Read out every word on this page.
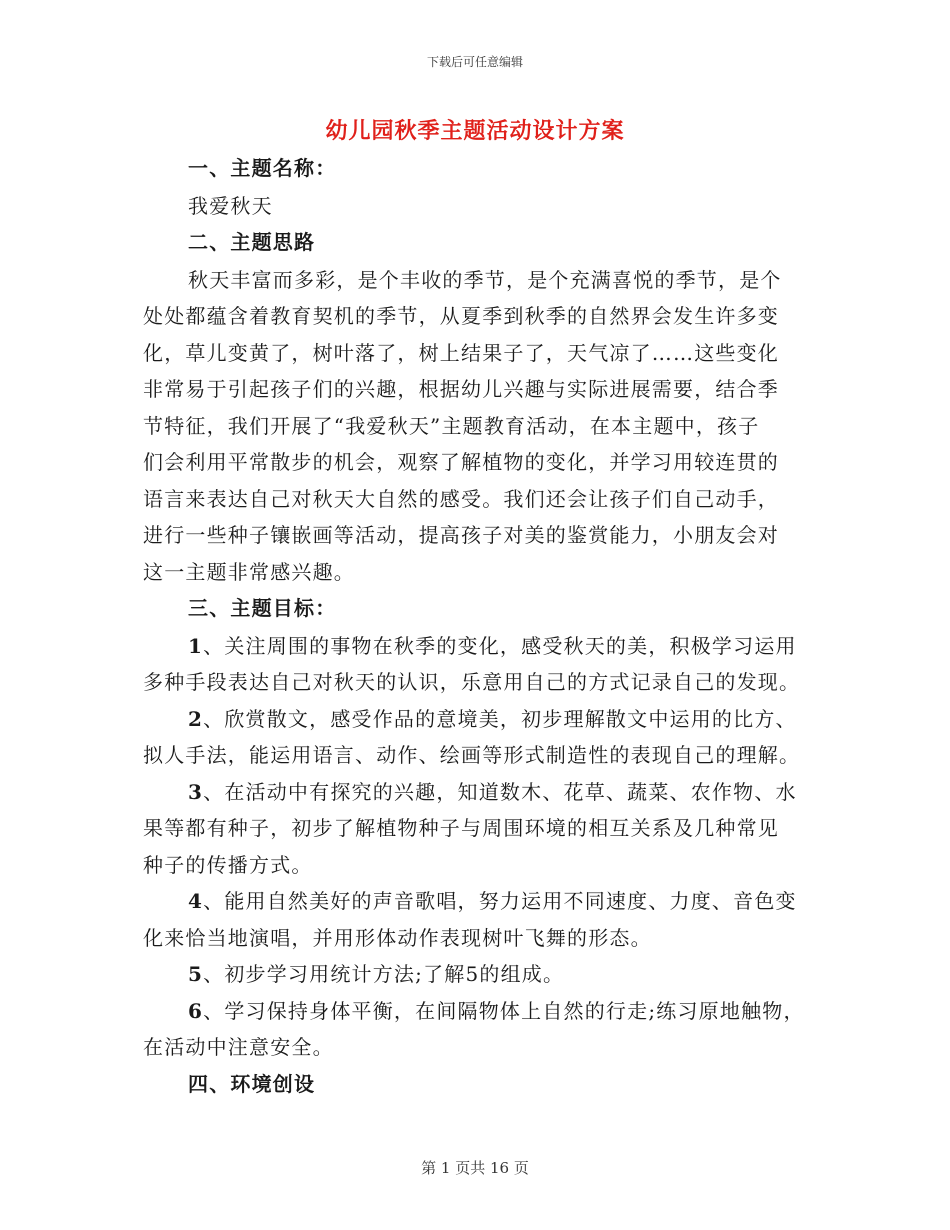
下载后可任意编辑
幼儿园秋季主题活动设计方案
一、主题名称：
我爱秋天
二、主题思路
秋天丰富而多彩，是个丰收的季节，是个充满喜悦的季节，是个
处处都蕴含着教育契机的季节，从夏季到秋季的自然界会发生许多变
化，草儿变黄了，树叶落了，树上结果子了，天气凉了……这些变化
非常易于引起孩子们的兴趣，根据幼儿兴趣与实际进展需要，结合季
节特征，我们开展了“我爱秋天”主题教育活动，在本主题中，孩子
们会利用平常散步的机会，观察了解植物的变化，并学习用较连贯的
语言来表达自己对秋天大自然的感受。我们还会让孩子们自己动手，
进行一些种子镶嵌画等活动，提高孩子对美的鉴赏能力，小朋友会对
这一主题非常感兴趣。
三、主题目标：
1、关注周围的事物在秋季的变化，感受秋天的美，积极学习运用
多种手段表达自己对秋天的认识，乐意用自己的方式记录自己的发现。
2、欣赏散文，感受作品的意境美，初步理解散文中运用的比方、
拟人手法，能运用语言、动作、绘画等形式制造性的表现自己的理解。
3、在活动中有探究的兴趣，知道数木、花草、蔬菜、农作物、水
果等都有种子，初步了解植物种子与周围环境的相互关系及几种常见
种子的传播方式。
4、能用自然美好的声音歌唱，努力运用不同速度、力度、音色变
化来恰当地演唱，并用形体动作表现树叶飞舞的形态。
5、初步学习用统计方法;了解5的组成。
6、学习保持身体平衡，在间隔物体上自然的行走;练习原地触物，
在活动中注意安全。
四、环境创设
第 1 页共 16 页
